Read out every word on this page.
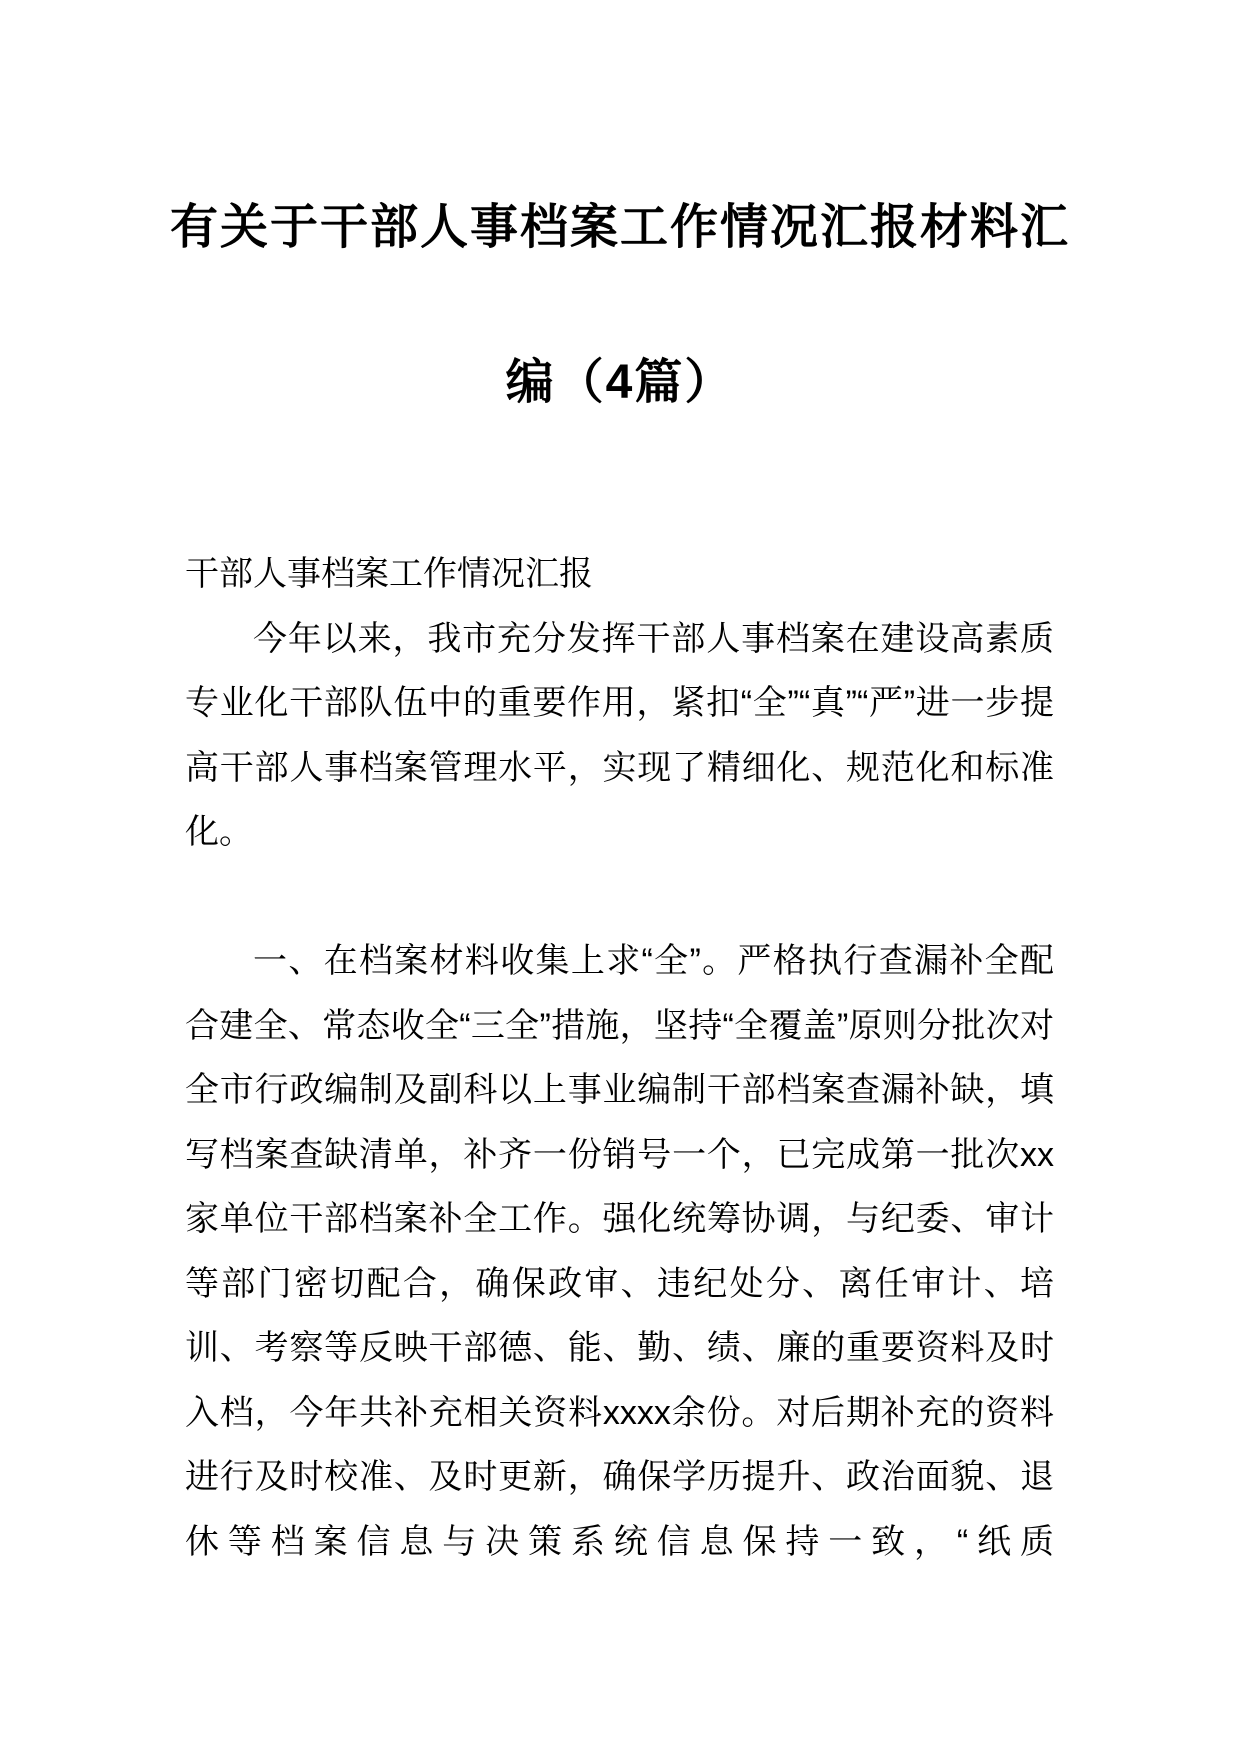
有关于干部人事档案工作情况汇报材料汇
编（4篇）

干部人事档案工作情况汇报

今年以来，我市充分发挥干部人事档案在建设高素质专业化干部队伍中的重要作用，紧扣“全”“真”“严”进一步提高干部人事档案管理水平，实现了精细化、规范化和标准化。

一、在档案材料收集上求“全”。严格执行查漏补全配合建全、常态收全“三全”措施，坚持“全覆盖”原则分批次对全市行政编制及副科以上事业编制干部档案查漏补缺，填写档案查缺清单，补齐一份销号一个，已完成第一批次xx家单位干部档案补全工作。强化统筹协调，与纪委、审计等部门密切配合，确保政审、违纪处分、离任审计、培训、考察等反映干部德、能、勤、绩、廉的重要资料及时入档，今年共补充相关资料xxxx余份。对后期补充的资料进行及时校准、及时更新，确保学历提升、政治面貌、退休等档案信息与决策系统信息保持一致，“纸质
